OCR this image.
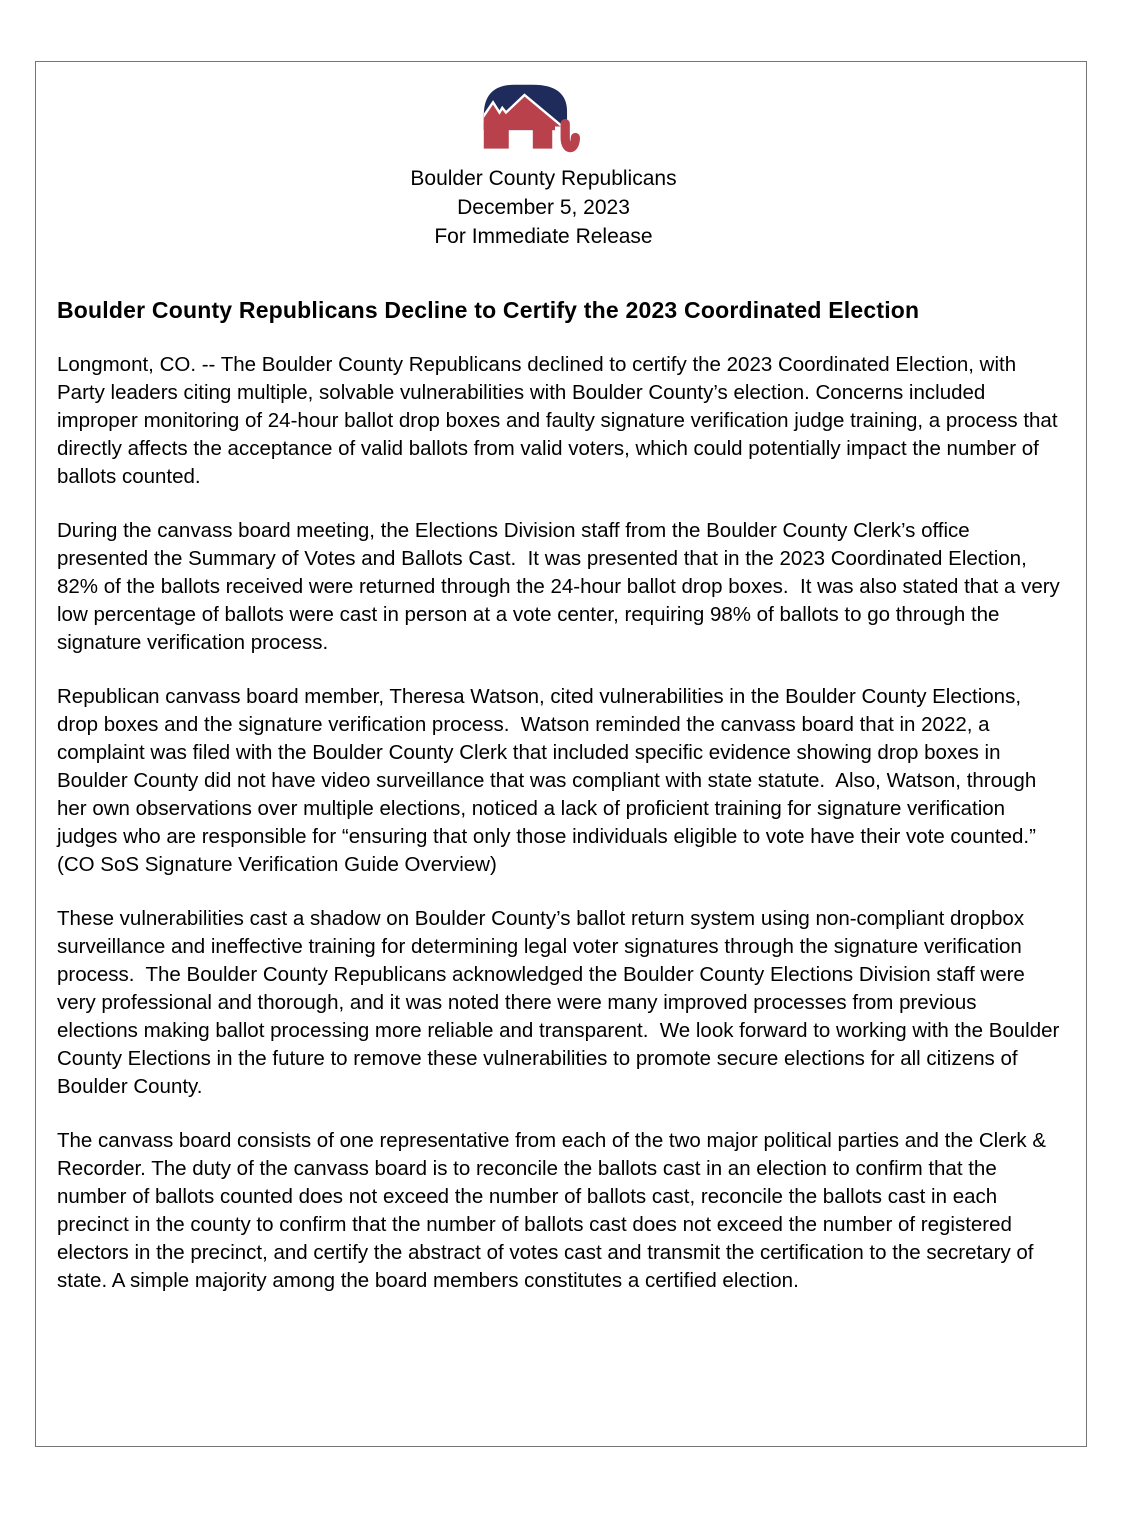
Boulder County Republicans
December 5, 2023
For Immediate Release
Boulder County Republicans Decline to Certify the 2023 Coordinated Election

Longmont, CO. -- The Boulder County Republicans declined to certify the 2023 Coordinated Election, with Party leaders citing multiple, solvable vulnerabilities with Boulder County’s election. Concerns included improper monitoring of 24-hour ballot drop boxes and faulty signature verification judge training, a process that directly affects the acceptance of valid ballots from valid voters, which could potentially impact the number of ballots counted.

During the canvass board meeting, the Elections Division staff from the Boulder County Clerk’s office presented the Summary of Votes and Ballots Cast.  It was presented that in the 2023 Coordinated Election, 82% of the ballots received were returned through the 24-hour ballot drop boxes.  It was also stated that a very low percentage of ballots were cast in person at a vote center, requiring 98% of ballots to go through the signature verification process.

Republican canvass board member, Theresa Watson, cited vulnerabilities in the Boulder County Elections, drop boxes and the signature verification process.  Watson reminded the canvass board that in 2022, a complaint was filed with the Boulder County Clerk that included specific evidence showing drop boxes in Boulder County did not have video surveillance that was compliant with state statute.  Also, Watson, through her own observations over multiple elections, noticed a lack of proficient training for signature verification judges who are responsible for “ensuring that only those individuals eligible to vote have their vote counted.” (CO SoS Signature Verification Guide Overview)

These vulnerabilities cast a shadow on Boulder County’s ballot return system using non-compliant dropbox surveillance and ineffective training for determining legal voter signatures through the signature verification process.  The Boulder County Republicans acknowledged the Boulder County Elections Division staff were very professional and thorough, and it was noted there were many improved processes from previous elections making ballot processing more reliable and transparent.  We look forward to working with the Boulder County Elections in the future to remove these vulnerabilities to promote secure elections for all citizens of Boulder County.

The canvass board consists of one representative from each of the two major political parties and the Clerk & Recorder. The duty of the canvass board is to reconcile the ballots cast in an election to confirm that the number of ballots counted does not exceed the number of ballots cast, reconcile the ballots cast in each precinct in the county to confirm that the number of ballots cast does not exceed the number of registered electors in the precinct, and certify the abstract of votes cast and transmit the certification to the secretary of state. A simple majority among the board members constitutes a certified election.
